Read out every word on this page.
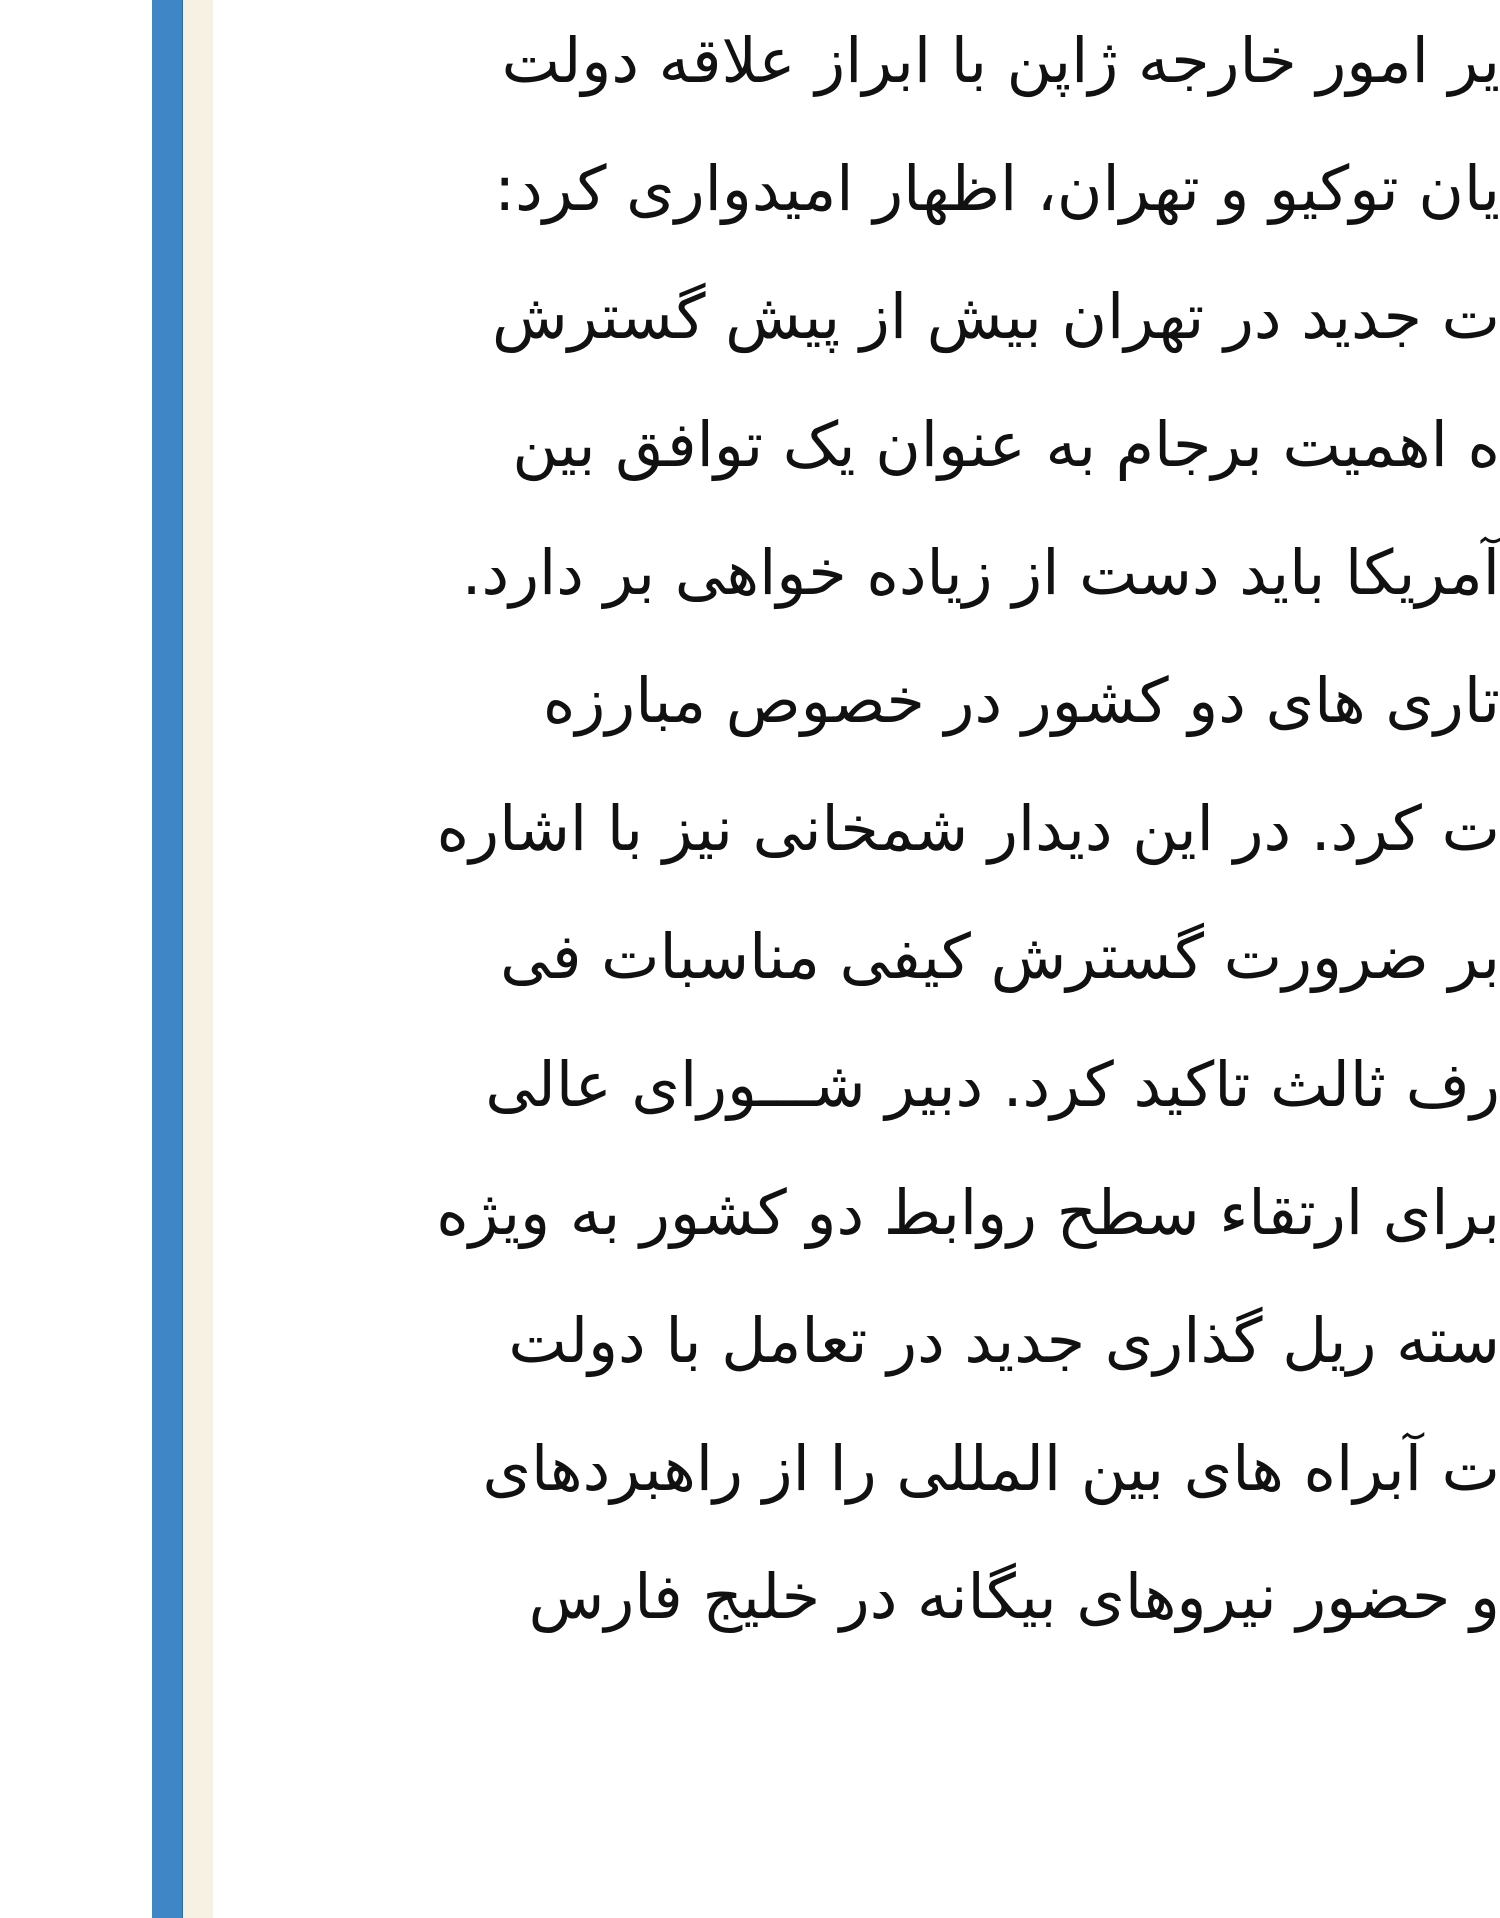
یر امور خارجه ژاپن با ابراز علاقه دولت
یان توکیو و تهران، اظهار امیدواری کرد:
ت جدید در تهران بیش از پیش گسترش
ه اهمیت برجام به عنوان یک توافق بین
آمریکا باید دست از زیاده خواهی بر دارد.
تاری های دو کشور در خصوص مبارزه
ت کرد. در این دیدار شمخانی نیز با اشاره
بر ضرورت گسترش کیفی مناسبات فی
رف ثالث تاکید کرد. دبیر شـــورای عالی
برای ارتقاء سطح روابط دو کشور به ویژه
سته ریل گذاری جدید در تعامل با دولت
ت آبراه های بین المللی را از راهبردهای
و حضور نیروهای بیگانه در خلیج فارس
